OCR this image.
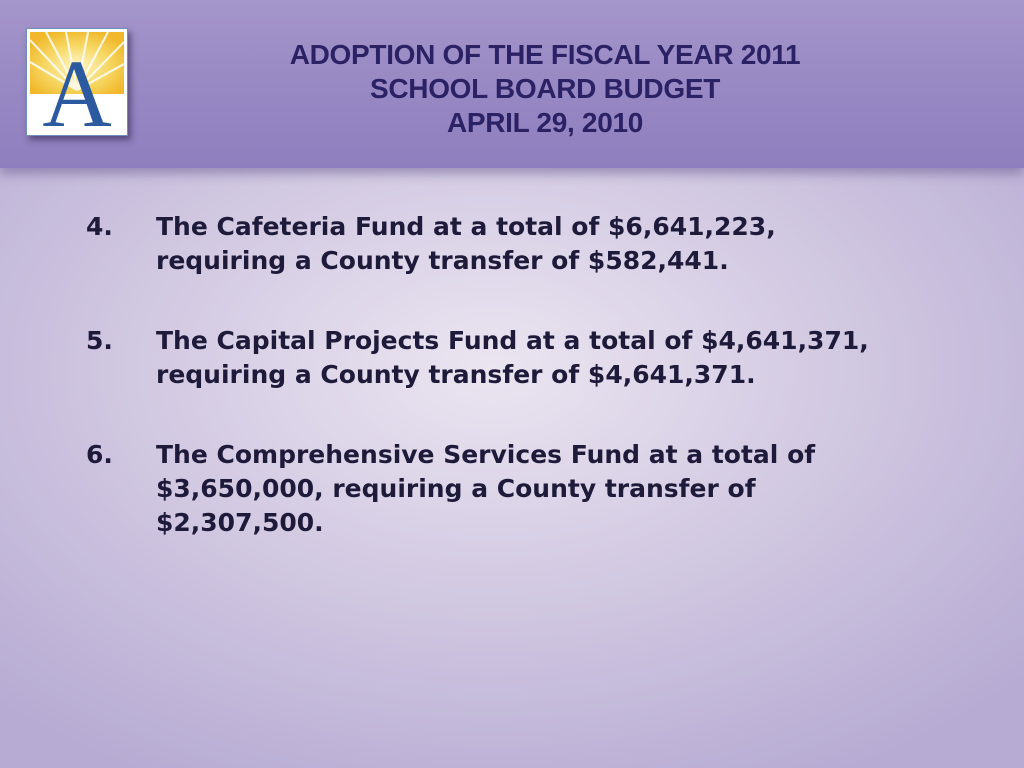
A	ADOPTION OF THE FISCAL YEAR 2011
SCHOOL BOARD BUDGET
APRIL 29, 2010
4.	The Cafeteria Fund at a total of $6,641,223,
requiring a County transfer of $582,441.
5.	The Capital Projects Fund at a total of $4,641,371,
requiring a County transfer of $4,641,371.
6.	The Comprehensive Services Fund at a total of
$3,650,000, requiring a County transfer of
$2,307,500.
